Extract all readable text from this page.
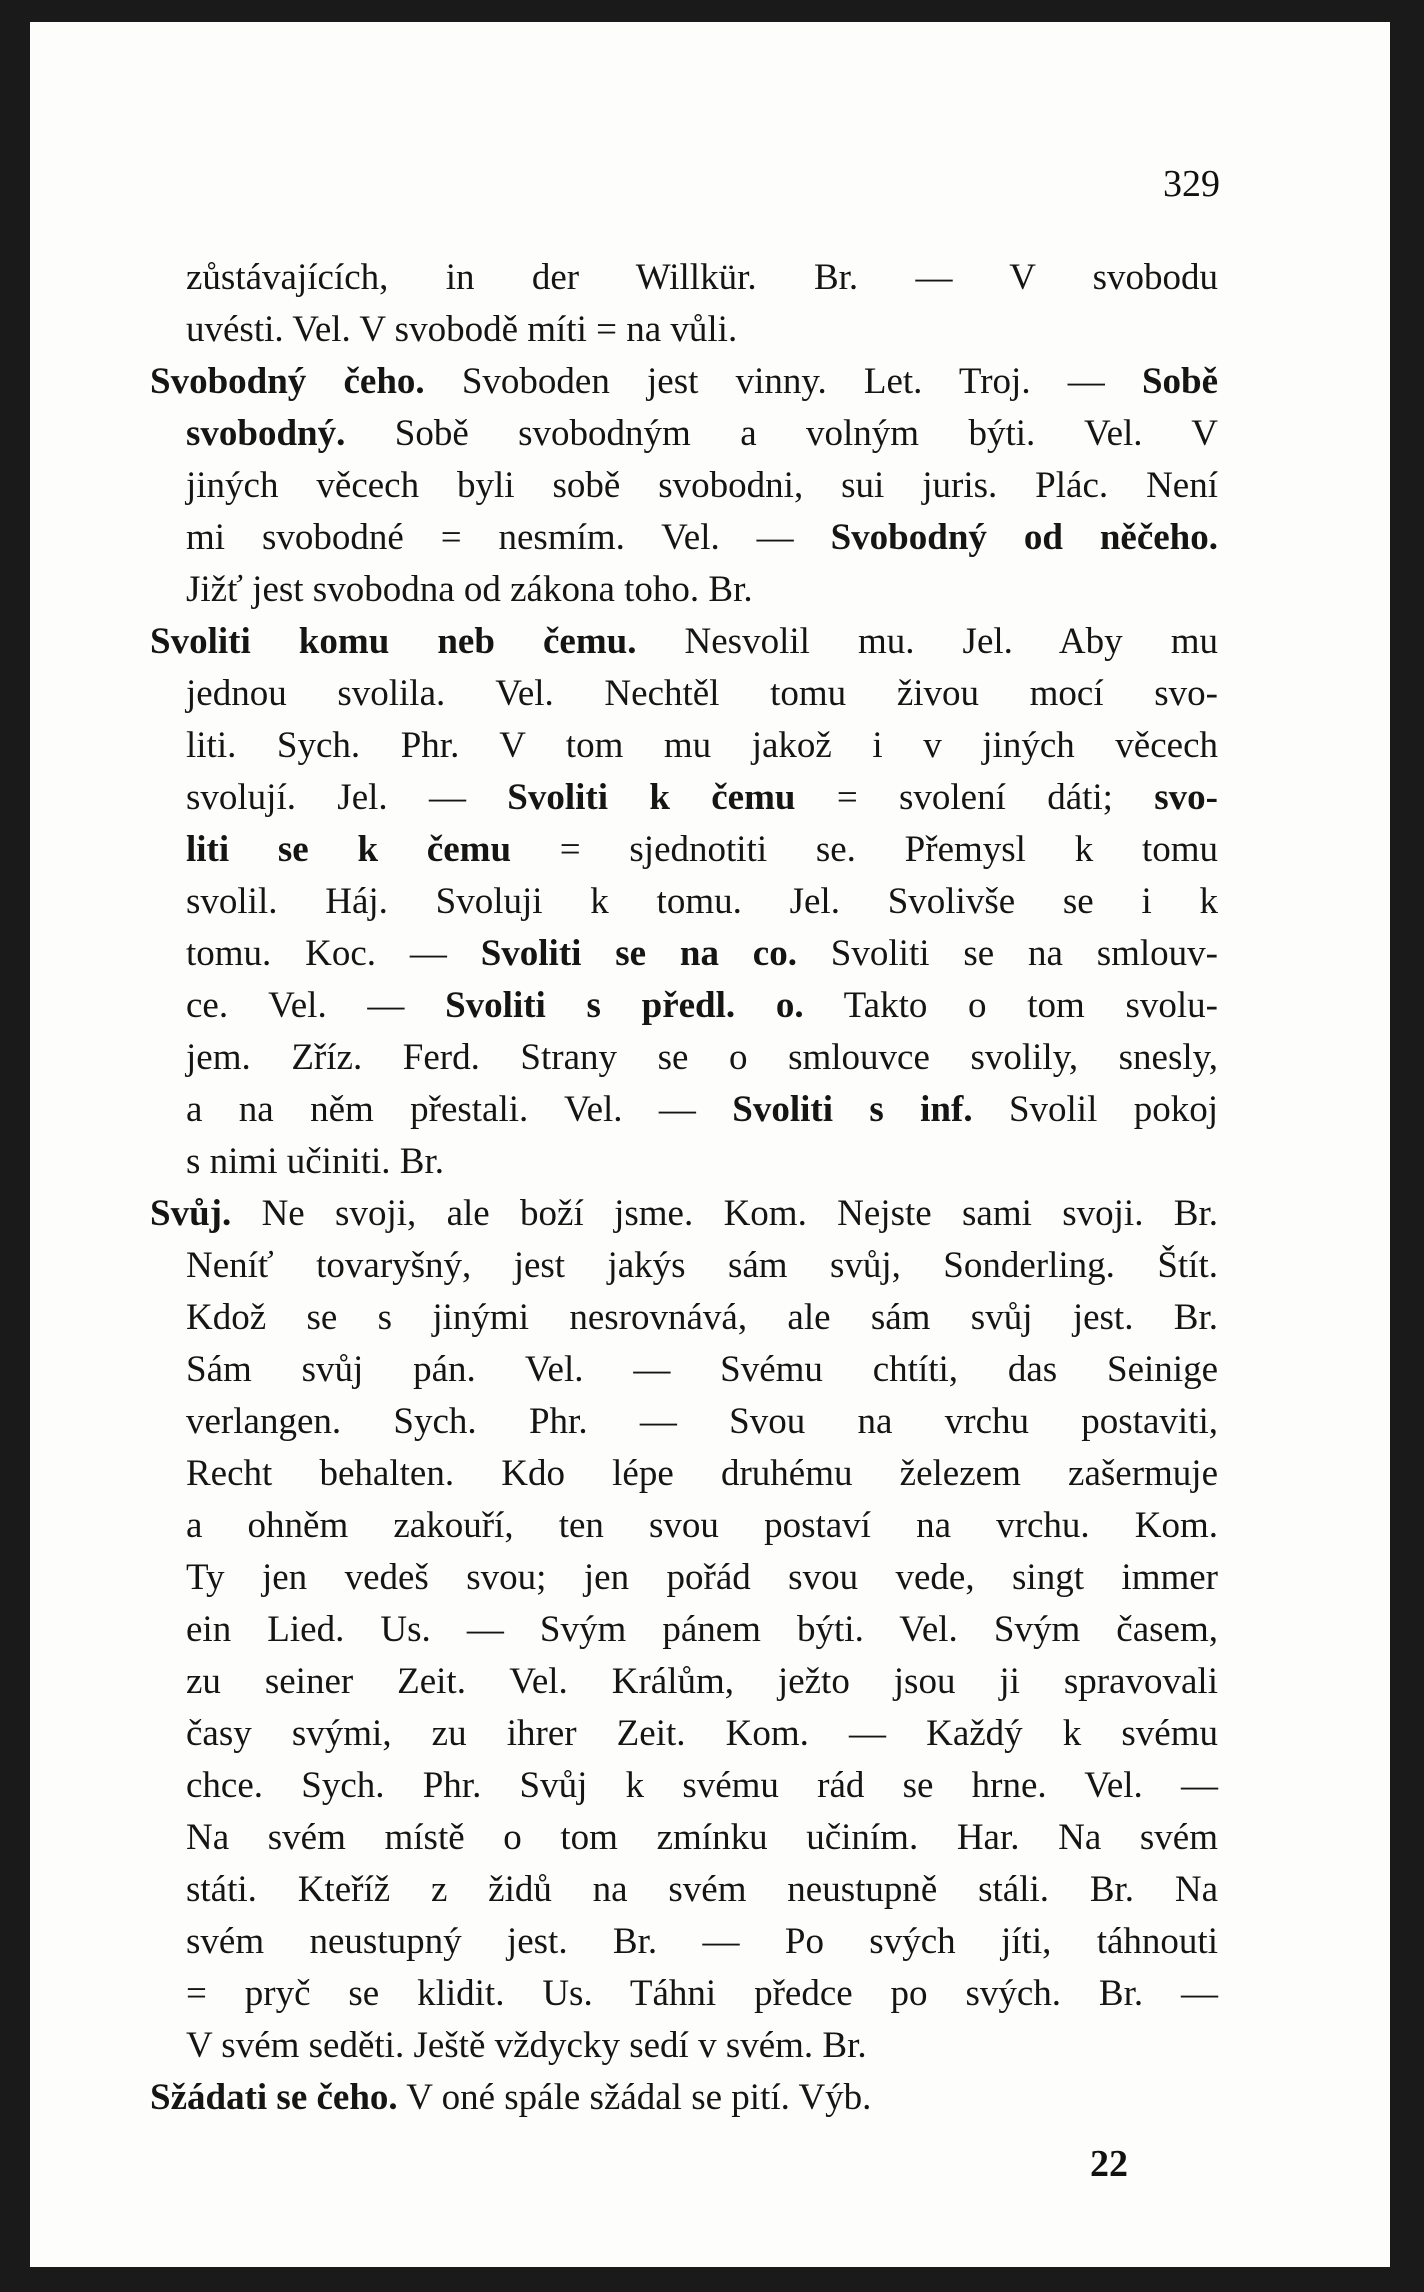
329
zůstávajících, in der Willkür. Br. — V svobodu
uvésti. Vel. V svobodě míti = na vůli.
Svobodný čeho. Svoboden jest vinny. Let. Troj. — Sobě
svobodný. Sobě svobodným a volným býti. Vel. V
jiných věcech byli sobě svobodni, sui juris. Plác. Není
mi svobodné = nesmím. Vel. — Svobodný od něčeho.
Jižť jest svobodna od zákona toho. Br.
Svoliti komu neb čemu. Nesvolil mu. Jel. Aby mu
jednou svolila. Vel. Nechtěl tomu živou mocí svo-
liti. Sych. Phr. V tom mu jakož i v jiných věcech
svolují. Jel. — Svoliti k čemu = svolení dáti; svo-
liti se k čemu = sjednotiti se. Přemysl k tomu
svolil. Háj. Svoluji k tomu. Jel. Svolivše se i k
tomu. Koc. — Svoliti se na co. Svoliti se na smlouv-
ce. Vel. — Svoliti s předl. o. Takto o tom svolu-
jem. Zříz. Ferd. Strany se o smlouvce svolily, snesly,
a na něm přestali. Vel. — Svoliti s inf. Svolil pokoj
s nimi učiniti. Br.
Svůj. Ne svoji, ale boží jsme. Kom. Nejste sami svoji. Br.
Neníť tovaryšný, jest jakýs sám svůj, Sonderling. Štít.
Kdož se s jinými nesrovnává, ale sám svůj jest. Br.
Sám svůj pán. Vel. — Svému chtíti, das Seinige
verlangen. Sych. Phr. — Svou na vrchu postaviti,
Recht behalten. Kdo lépe druhému železem zašermuje
a ohněm zakouří, ten svou postaví na vrchu. Kom.
Ty jen vedeš svou; jen pořád svou vede, singt immer
ein Lied. Us. — Svým pánem býti. Vel. Svým časem,
zu seiner Zeit. Vel. Králům, ježto jsou ji spravovali
časy svými, zu ihrer Zeit. Kom. — Každý k svému
chce. Sych. Phr. Svůj k svému rád se hrne. Vel. —
Na svém místě o tom zmínku učiním. Har. Na svém
státi. Kteříž z židů na svém neustupně stáli. Br. Na
svém neustupný jest. Br. — Po svých jíti, táhnouti
= pryč se klidit. Us. Táhni předce po svých. Br. —
V svém seděti. Ještě vždycky sedí v svém. Br.
Sžádati se čeho. V oné spále sžádal se pití. Výb.
22
